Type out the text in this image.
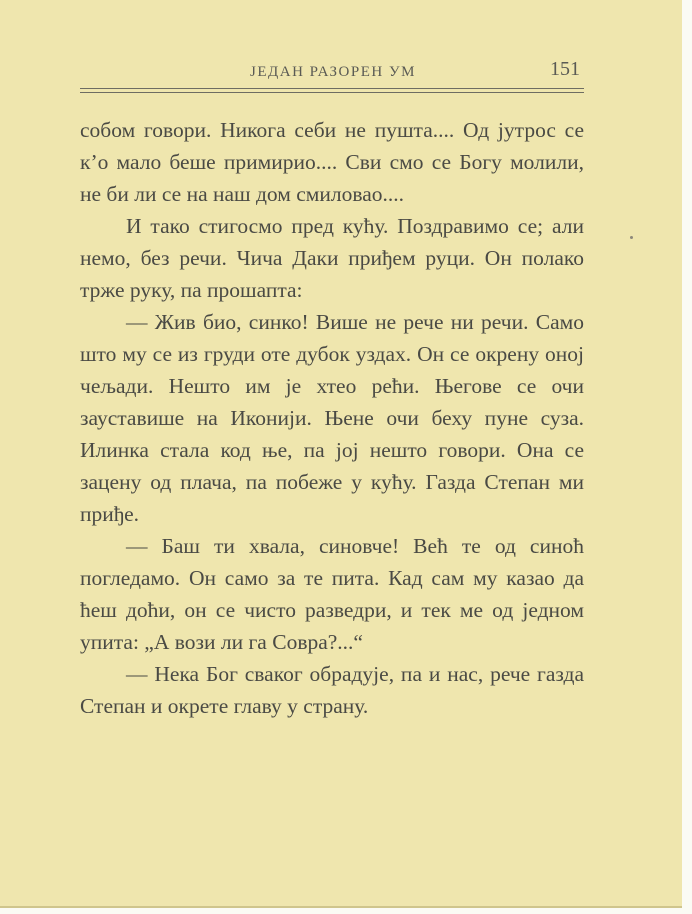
ЈЕДАН РАЗОРЕН УМ	151

собом говори. Никога себи не пушта.... Од јутрос се к’о мало беше примирио.... Сви смо се Богу молили, не би ли се на наш дом смиловао....

И тако стигосмо пред кућу. Поздравимо се; али немо, без речи. Чича Даки приђем руци. Он полако трже руку, па прошапта:

— Жив био, синко! Више не рече ни речи. Само што му се из груди оте дубок уздах. Он се окрену оној чељади. Нешто им је хтео рећи. Његове се очи зауставише на Иконији. Њене очи беху пуне суза. Илинка стала код ње, па јој нешто говори. Она се зацену од плача, па побеже у кућу. Газда Степан ми приђе.

— Баш ти хвала, синовче! Већ те од синоћ погледамо. Он само за те пита. Кад сам му казао да ћеш доћи, он се чисто разведри, и тек ме од једном упита: „А вози ли га Совра?...“

— Нека Бог сваког обрадује, па и нас, рече газда Степан и окрете главу у страну.
